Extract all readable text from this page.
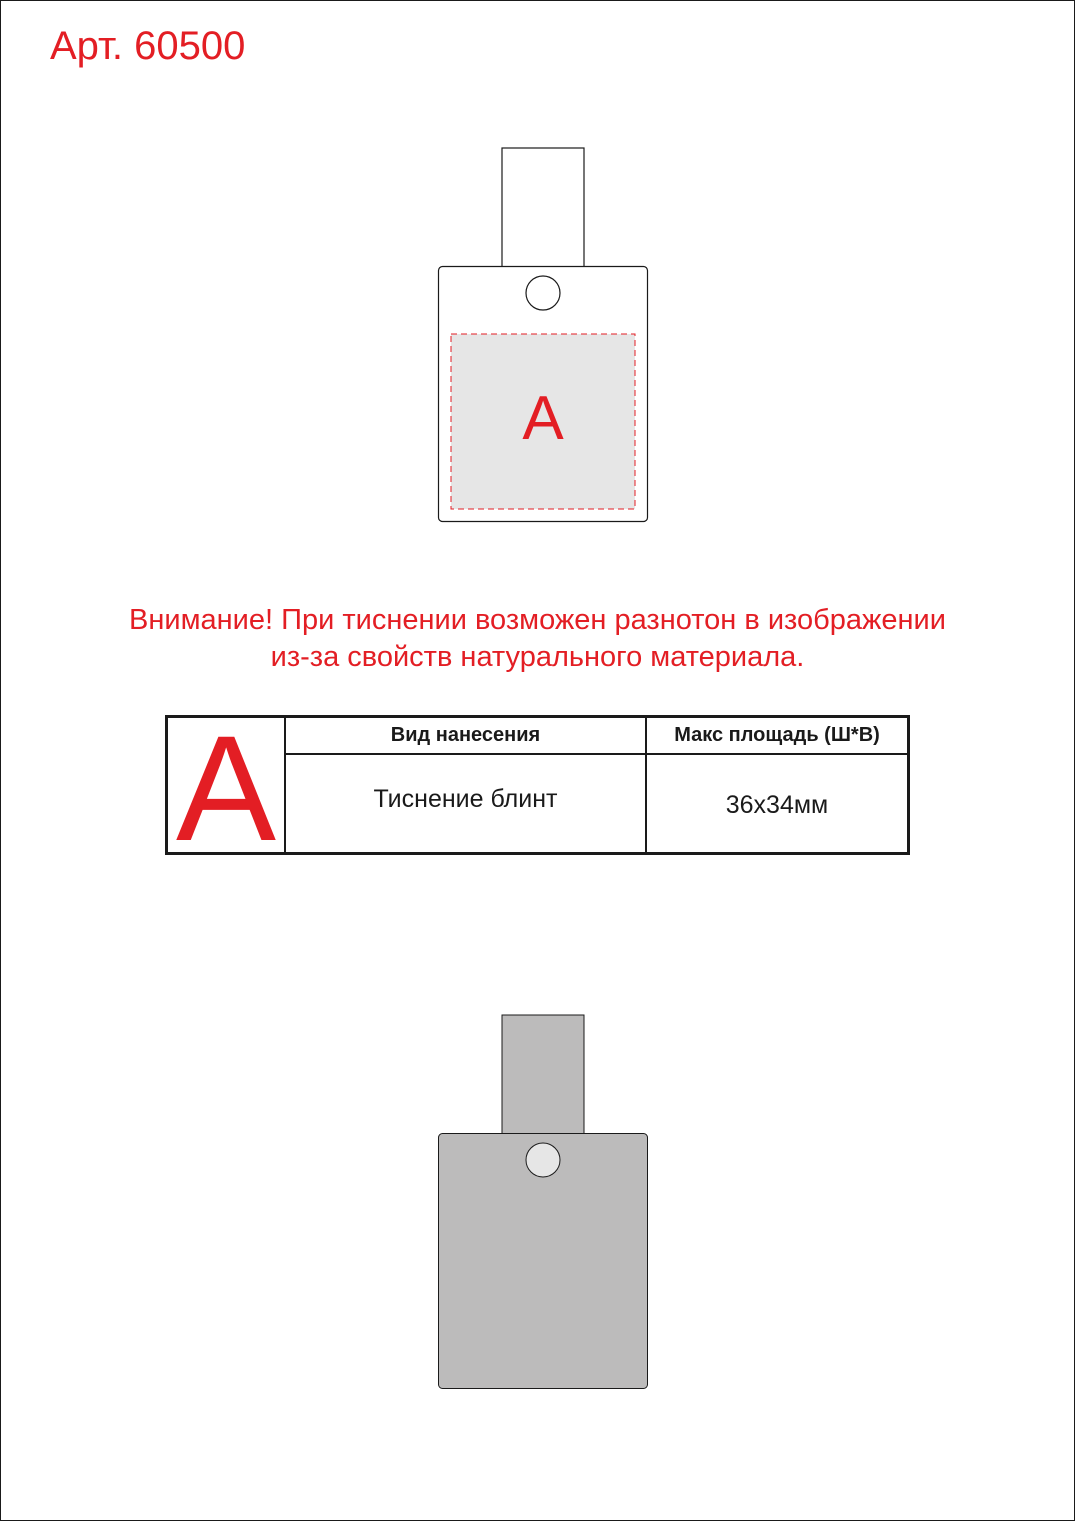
Арт. 60500
A
Внимание! При тиснении возможен разнотон в изображении
из-за свойств натурального материала.
A	Вид нанесения	Макс площадь (Ш*В)
Тиснение блинт	36х34мм
